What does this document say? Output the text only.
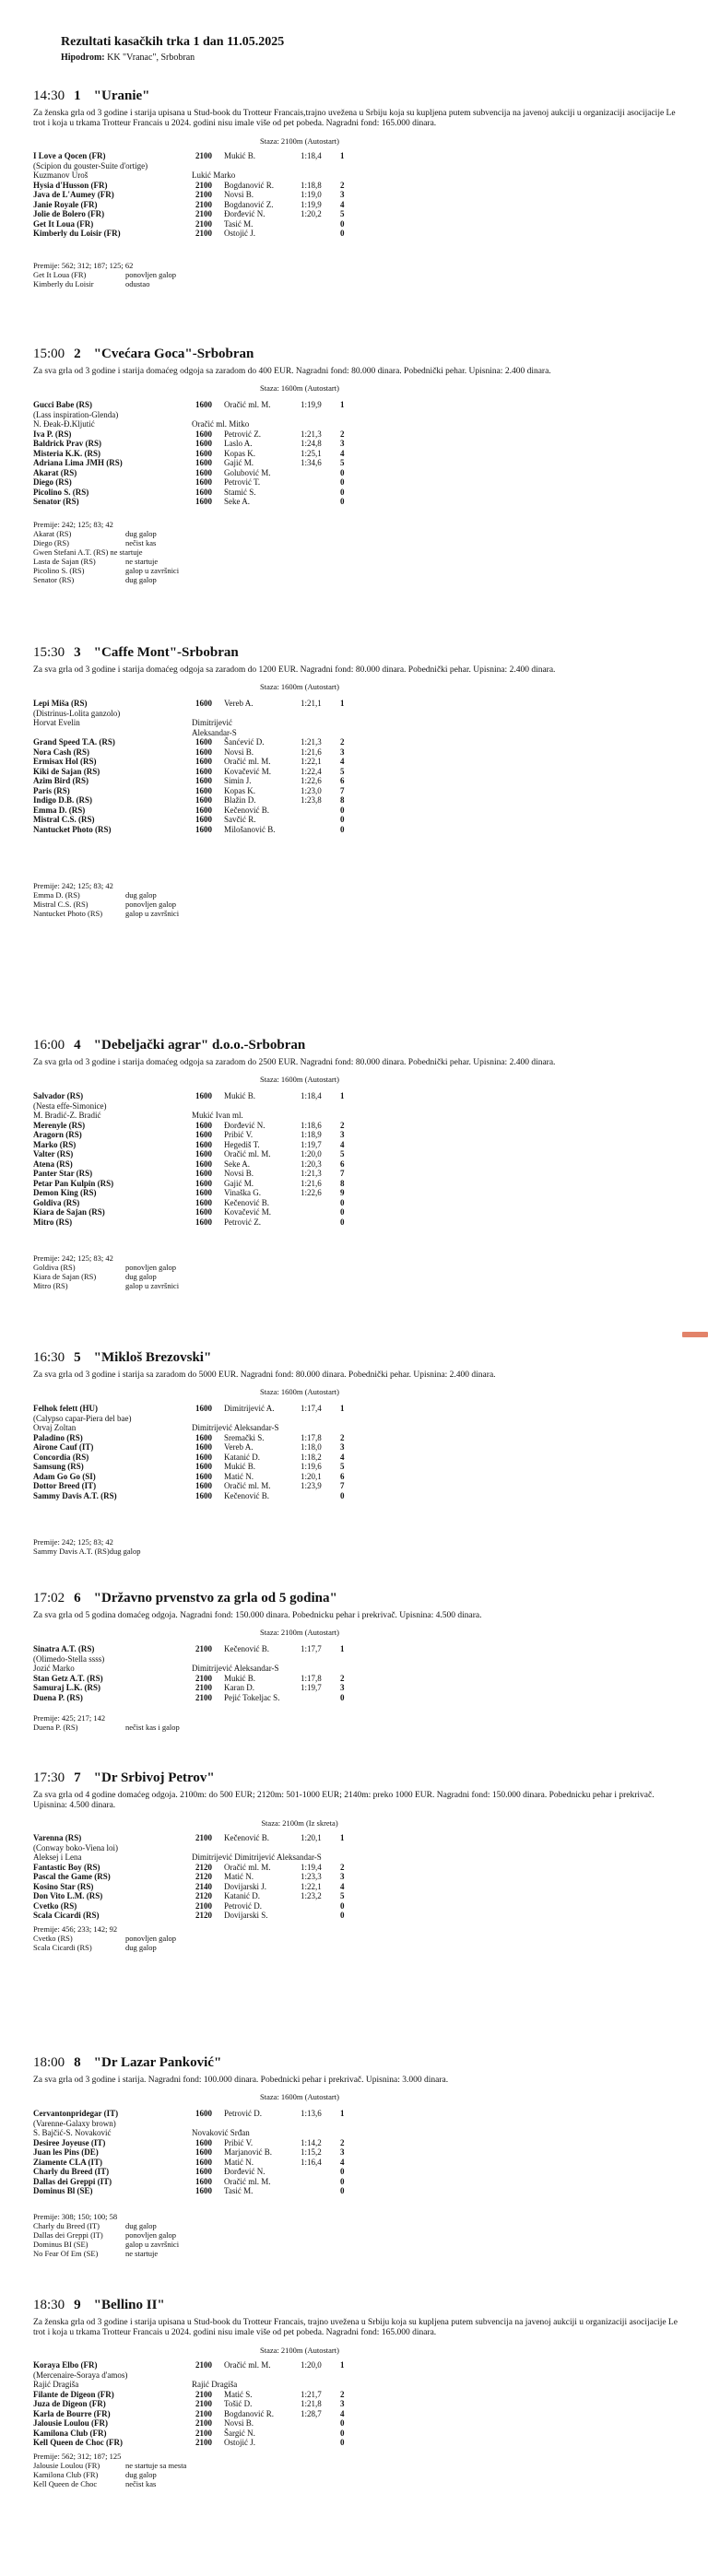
Rezultati kasačkih trka 1 dan 11.05.2025
Hipodrom: KK "Vranac", Srbobran
14:30 1 "Uranie"
Za ženska grla od 3 godine i starija upisana u Stud-book du Trotteur Francais,trajno uvežena u Srbiju koja su kupljena putem subvencija na javenoj aukciji u organizaciji asocijacije Le trot i koja u trkama Trotteur Francais u 2024. godini nisu imale više od pet pobeda. Nagradni fond: 165.000 dinara.
Staza: 2100m (Autostart)
I Love a Qocen (FR)	2100 Mukić B.	1:18,4 1
(Scipion du gouster-Suite d'ortige)
Kuzmanov Uroš	Lukić Marko
Hysia d'Husson (FR)	2100 Bogdanović R.	1:18,8 2
Java de L'Aumey (FR)	2100 Novsi B.	1:19,0 3
Janie Royale (FR)	2100 Bogdanović Z.	1:19,9 4
Jolie de Bolero (FR)	2100 Đorđević N.	1:20,2 5
Get It Loua (FR)	2100 Tasić M.	0
Kimberly du Loisir (FR)	2100 Ostojić J.	0
Premije: 562; 312; 187; 125; 62
Get It Loua (FR)	ponovljen galop
Kimberly du Loisir	odustao
15:00 2 "Cvećara Goca"-Srbobran
Za sva grla od 3 godine i starija domaćeg odgoja sa zaradom do 400 EUR. Nagradni fond: 80.000 dinara. Pobednički pehar. Upisnina: 2.400 dinara.
Staza: 1600m (Autostart)
Gucci Babe (RS)	1600 Oračić ml. M.	1:19,9 1
(Lass inspiration-Glenda)
N. Đeak-Đ.Kljutić	Oračić ml. Mitko
Iva P. (RS)	1600 Petrović Z.	1:21,3 2
Baldrick Prav (RS)	1600 Laslo A.	1:24,8 3
Misteria K.K. (RS)	1600 Kopas K.	1:25,1 4
Adriana Lima JMH (RS)	1600 Gajić M.	1:34,6 5
Akarat (RS)	1600 Golubović M.	0
Diego (RS)	1600 Petrović T.	0
Picolino S. (RS)	1600 Stamić S.	0
Senator (RS)	1600 Seke A.	0
Premije: 242; 125; 83; 42
Akarat (RS)	dug galop
Diego (RS)	nečist kas
Gwen Stefani A.T. (RS) ne startuje
Lasta de Sajan (RS)	ne startuje
Picolino S. (RS)	galop u završnici
Senator (RS)	dug galop
15:30 3 "Caffe Mont"-Srbobran
Za sva grla od 3 godine i starija domaćeg odgoja sa zaradom do 1200 EUR. Nagradni fond: 80.000 dinara. Pobednički pehar. Upisnina: 2.400 dinara.
Staza: 1600m (Autostart)
Lepi Miša (RS)	1600 Vereb A.	1:21,1 1
(Distrinus-Lolita ganzolo)
Horvat Evelin	Dimitrijević
Aleksandar-S
Grand Speed T.A. (RS)	1600 Šanćević D.	1:21,3 2
Nora Cash (RS)	1600 Novsi B.	1:21,6 3
Ermisax Hol (RS)	1600 Oračić ml. M.	1:22,1 4
Kiki de Sajan (RS)	1600 Kovačević M.	1:22,4 5
Azim Bird (RS)	1600 Simin J.	1:22,6 6
Paris (RS)	1600 Kopas K.	1:23,0 7
Indigo D.B. (RS)	1600 Blažin D.	1:23,8 8
Emma D. (RS)	1600 Kečenović B.	0
Mistral C.S. (RS)	1600 Savčić R.	0
Nantucket Photo (RS)	1600 Milošanović B.	0
Premije: 242; 125; 83; 42
Emma D. (RS)	dug galop
Mistral C.S. (RS)	ponovljen galop
Nantucket Photo (RS)	galop u završnici
16:00 4 "Debeljački agrar" d.o.o.-Srbobran
Za sva grla od 3 godine i starija domaćeg odgoja sa zaradom do 2500 EUR. Nagradni fond: 80.000 dinara. Pobednički pehar. Upisnina: 2.400 dinara.
Staza: 1600m (Autostart)
Salvador (RS)	1600 Mukić B.	1:18,4 1
(Nesta effe-Simonice)
M. Bradić-Z. Bradić	Mukić Ivan ml.
Merenyle (RS)	1600 Đorđević N.	1:18,6 2
Aragorn (RS)	1600 Pribić V.	1:18,9 3
Marko (RS)	1600 Hegediš T.	1:19,7 4
Valter (RS)	1600 Oračić ml. M.	1:20,0 5
Atena (RS)	1600 Seke A.	1:20,3 6
Panter Star (RS)	1600 Novsi B.	1:21,3 7
Petar Pan Kulpin (RS)	1600 Gajić M.	1:21,6 8
Demon King (RS)	1600 Vinaška G.	1:22,6 9
Goldiva (RS)	1600 Kečenović B.	0
Kiara de Sajan (RS)	1600 Kovačević M.	0
Mitro (RS)	1600 Petrović Z.	0
Premije: 242; 125; 83; 42
Goldiva (RS)	ponovljen galop
Kiara de Sajan (RS)	dug galop
Mitro (RS)	galop u završnici
16:30 5 "Mikloš Brezovski"
Za sva grla od 3 godine i starija sa zaradom do 5000 EUR. Nagradni fond: 80.000 dinara. Pobednički pehar. Upisnina: 2.400 dinara.
Staza: 1600m (Autostart)
Felhok felett (HU)	1600 Dimitrijević A.	1:17,4 1
(Calypso capar-Piera del bae)
Orvaj Zoltan	Dimitrijević Aleksandar-S
Paladino (RS)	1600 Sremački S.	1:17,8 2
Airone Cauf (IT)	1600 Vereb A.	1:18,0 3
Concordia (RS)	1600 Katanić D.	1:18,2 4
Samsung (RS)	1600 Mukić B.	1:19,6 5
Adam Go Go (SI)	1600 Matić N.	1:20,1 6
Dottor Breed (IT)	1600 Oračić ml. M.	1:23,9 7
Sammy Davis A.T. (RS)	1600 Kečenović B.	0
Premije: 242; 125; 83; 42
Sammy Davis A.T. (RS)dug galop
17:02 6 "Državno prvenstvo za grla od 5 godina"
Za sva grla od 5 godina domaćeg odgoja. Nagradni fond: 150.000 dinara. Pobednicku pehar i prekrivač. Upisnina: 4.500 dinara.
Staza: 2100m (Autostart)
Sinatra A.T. (RS)	2100 Kečenović B.	1:17,7 1
(Olimedo-Stella ssss)
Jozić Marko	Dimitrijević Aleksandar-S
Stan Getz A.T. (RS)	2100 Mukić B.	1:17,8 2
Samuraj L.K. (RS)	2100 Karan D.	1:19,7 3
Duena P. (RS)	2100 Pejić Tokeljac S.	0
Premije: 425; 217; 142
Duena P. (RS)	nečist kas i galop
17:30 7 "Dr Srbivoj Petrov"
Za sva grla od 4 godine domaćeg odgoja. 2100m: do 500 EUR; 2120m: 501-1000 EUR; 2140m: preko 1000 EUR. Nagradni fond: 150.000 dinara. Pobednicku pehar i prekrivač. Upisnina: 4.500 dinara.
Staza: 2100m (Iz skreta)
Varenna (RS)	2100 Kečenović B.	1:20,1 1
(Conway boko-Viena loi)
Aleksej i Lena	Dimitrijević Dimitrijević Aleksandar-S
Fantastic Boy (RS)	2120 Oračić ml. M.	1:19,4 2
Pascal the Game (RS)	2120 Matić N.	1:23,3 3
Kosino Star (RS)	2140 Dovijarski J.	1:22,1 4
Don Vito L.M. (RS)	2120 Katanić D.	1:23,2 5
Cvetko (RS)	2100 Petrović D.	0
Scala Cicardi (RS)	2120 Dovijarski S.	0
Premije: 456; 233; 142; 92
Cvetko (RS)	ponovljen galop
Scala Cicardi (RS)	dug galop
18:00 8 "Dr Lazar Panković"
Za sva grla od 3 godine i starija. Nagradni fond: 100.000 dinara. Pobednicki pehar i prekrivač. Upisnina: 3.000 dinara.
Staza: 1600m (Autostart)
Cervantonpridegar (IT)	1600 Petrović D.	1:13,6 1
(Varenne-Galaxy brown)
S. Bajčić-S. Novaković	Novaković Srđan
Desiree Joyeuse (IT)	1600 Pribić V.	1:14,2 2
Juan les Pins (DE)	1600 Marjanović B.	1:15,2 3
Ziamente CLA (IT)	1600 Matić N.	1:16,4 4
Charly du Breed (IT)	1600 Đorđević N.	0
Dallas dei Greppi (IT)	1600 Oračić ml. M.	0
Dominus Bl (SE)	1600 Tasić M.	0
Premije: 308; 150; 100; 58
Charly du Breed (IT)	dug galop
Dallas dei Greppi (IT)	ponovljen galop
Dominus BI (SE)	galop u završnici
No Fear Of Em (SE)	ne startuje
18:30 9 "Bellino II"
Za ženska grla od 3 godine i starija upisana u Stud-book du Trotteur Francais, trajno uvežena u Srbiju koja su kupljena putem subvencija na javenoj aukciji u organizaciji asocijacije Le trot i koja u trkama Trotteur Francais u 2024. godini nisu imale više od pet pobeda. Nagradni fond: 165.000 dinara.
Staza: 2100m (Autostart)
Koraya Elbo (FR)	2100 Oračić ml. M.	1:20,0 1
(Mercenaire-Soraya d'amos)
Rajić Dragiša	Rajić Dragiša
Filante de Digeon (FR)	2100 Matić S.	1:21,7 2
Juza de Digeon (FR)	2100 Tošić D.	1:21,8 3
Karla de Bourre (FR)	2100 Bogdanović R.	1:28,7 4
Jalousie Loulou (FR)	2100 Novsi B.	0
Kamilona Club (FR)	2100 Šargić N.	0
Kell Queen de Choc (FR)	2100 Ostojić J.	0
Premije: 562; 312; 187; 125
Jalousie Loulou (FR)	ne startuje sa mesta
Kamilona Club (FR)	dug galop
Kell Queen de Choc	nečist kas
